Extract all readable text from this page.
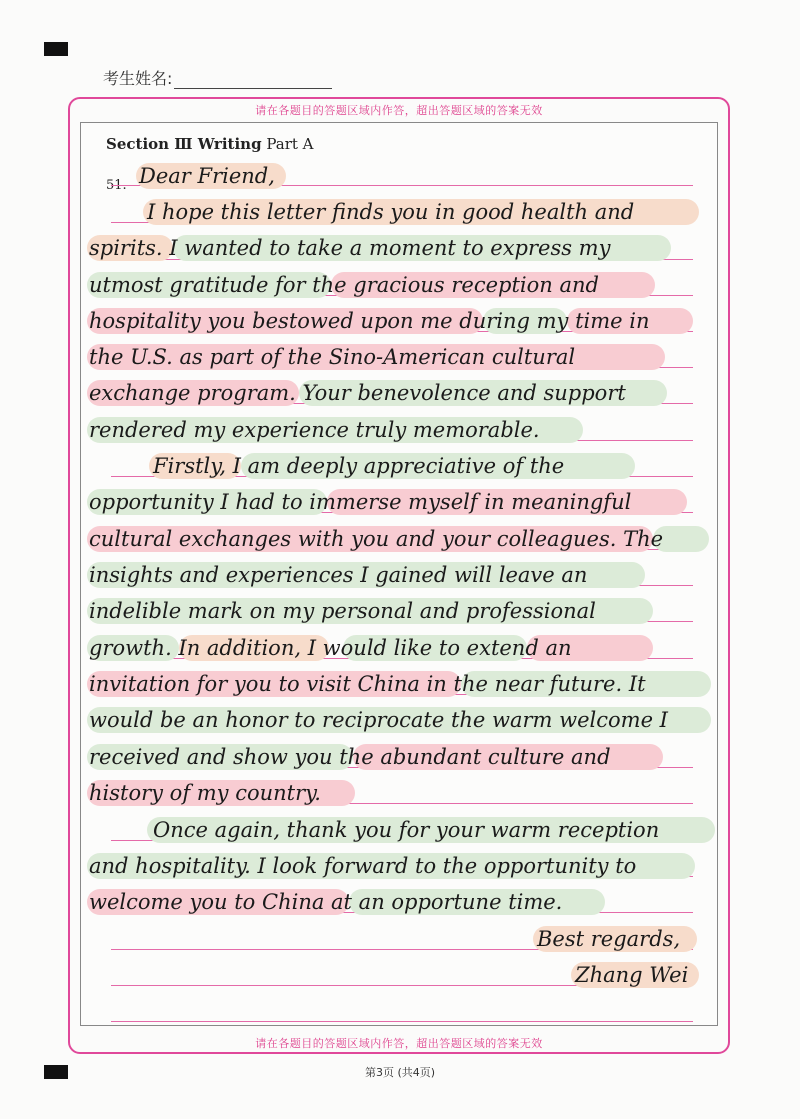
考生姓名:
请在各题目的答题区域内作答，超出答题区域的答案无效
Section Ⅲ Writing Part A
51. Dear Friend,
I hope this letter finds you in good health and
spirits. I wanted to take a moment to express my
utmost gratitude for the gracious reception and
hospitality you bestowed upon me during my time in
the U.S. as part of the Sino-American cultural
exchange program. Your benevolence and support
rendered my experience truly memorable.
Firstly, I am deeply appreciative of the
opportunity I had to immerse myself in meaningful
cultural exchanges with you and your colleagues. The
insights and experiences I gained will leave an
indelible mark on my personal and professional
growth. In addition, I would like to extend an
invitation for you to visit China in the near future. It
would be an honor to reciprocate the warm welcome I
received and show you the abundant culture and
history of my country.
Once again, thank you for your warm reception
and hospitality. I look forward to the opportunity to
welcome you to China at an opportune time.
Best regards,
Zhang Wei
请在各题目的答题区域内作答，超出答题区域的答案无效
第3页 (共4页)
